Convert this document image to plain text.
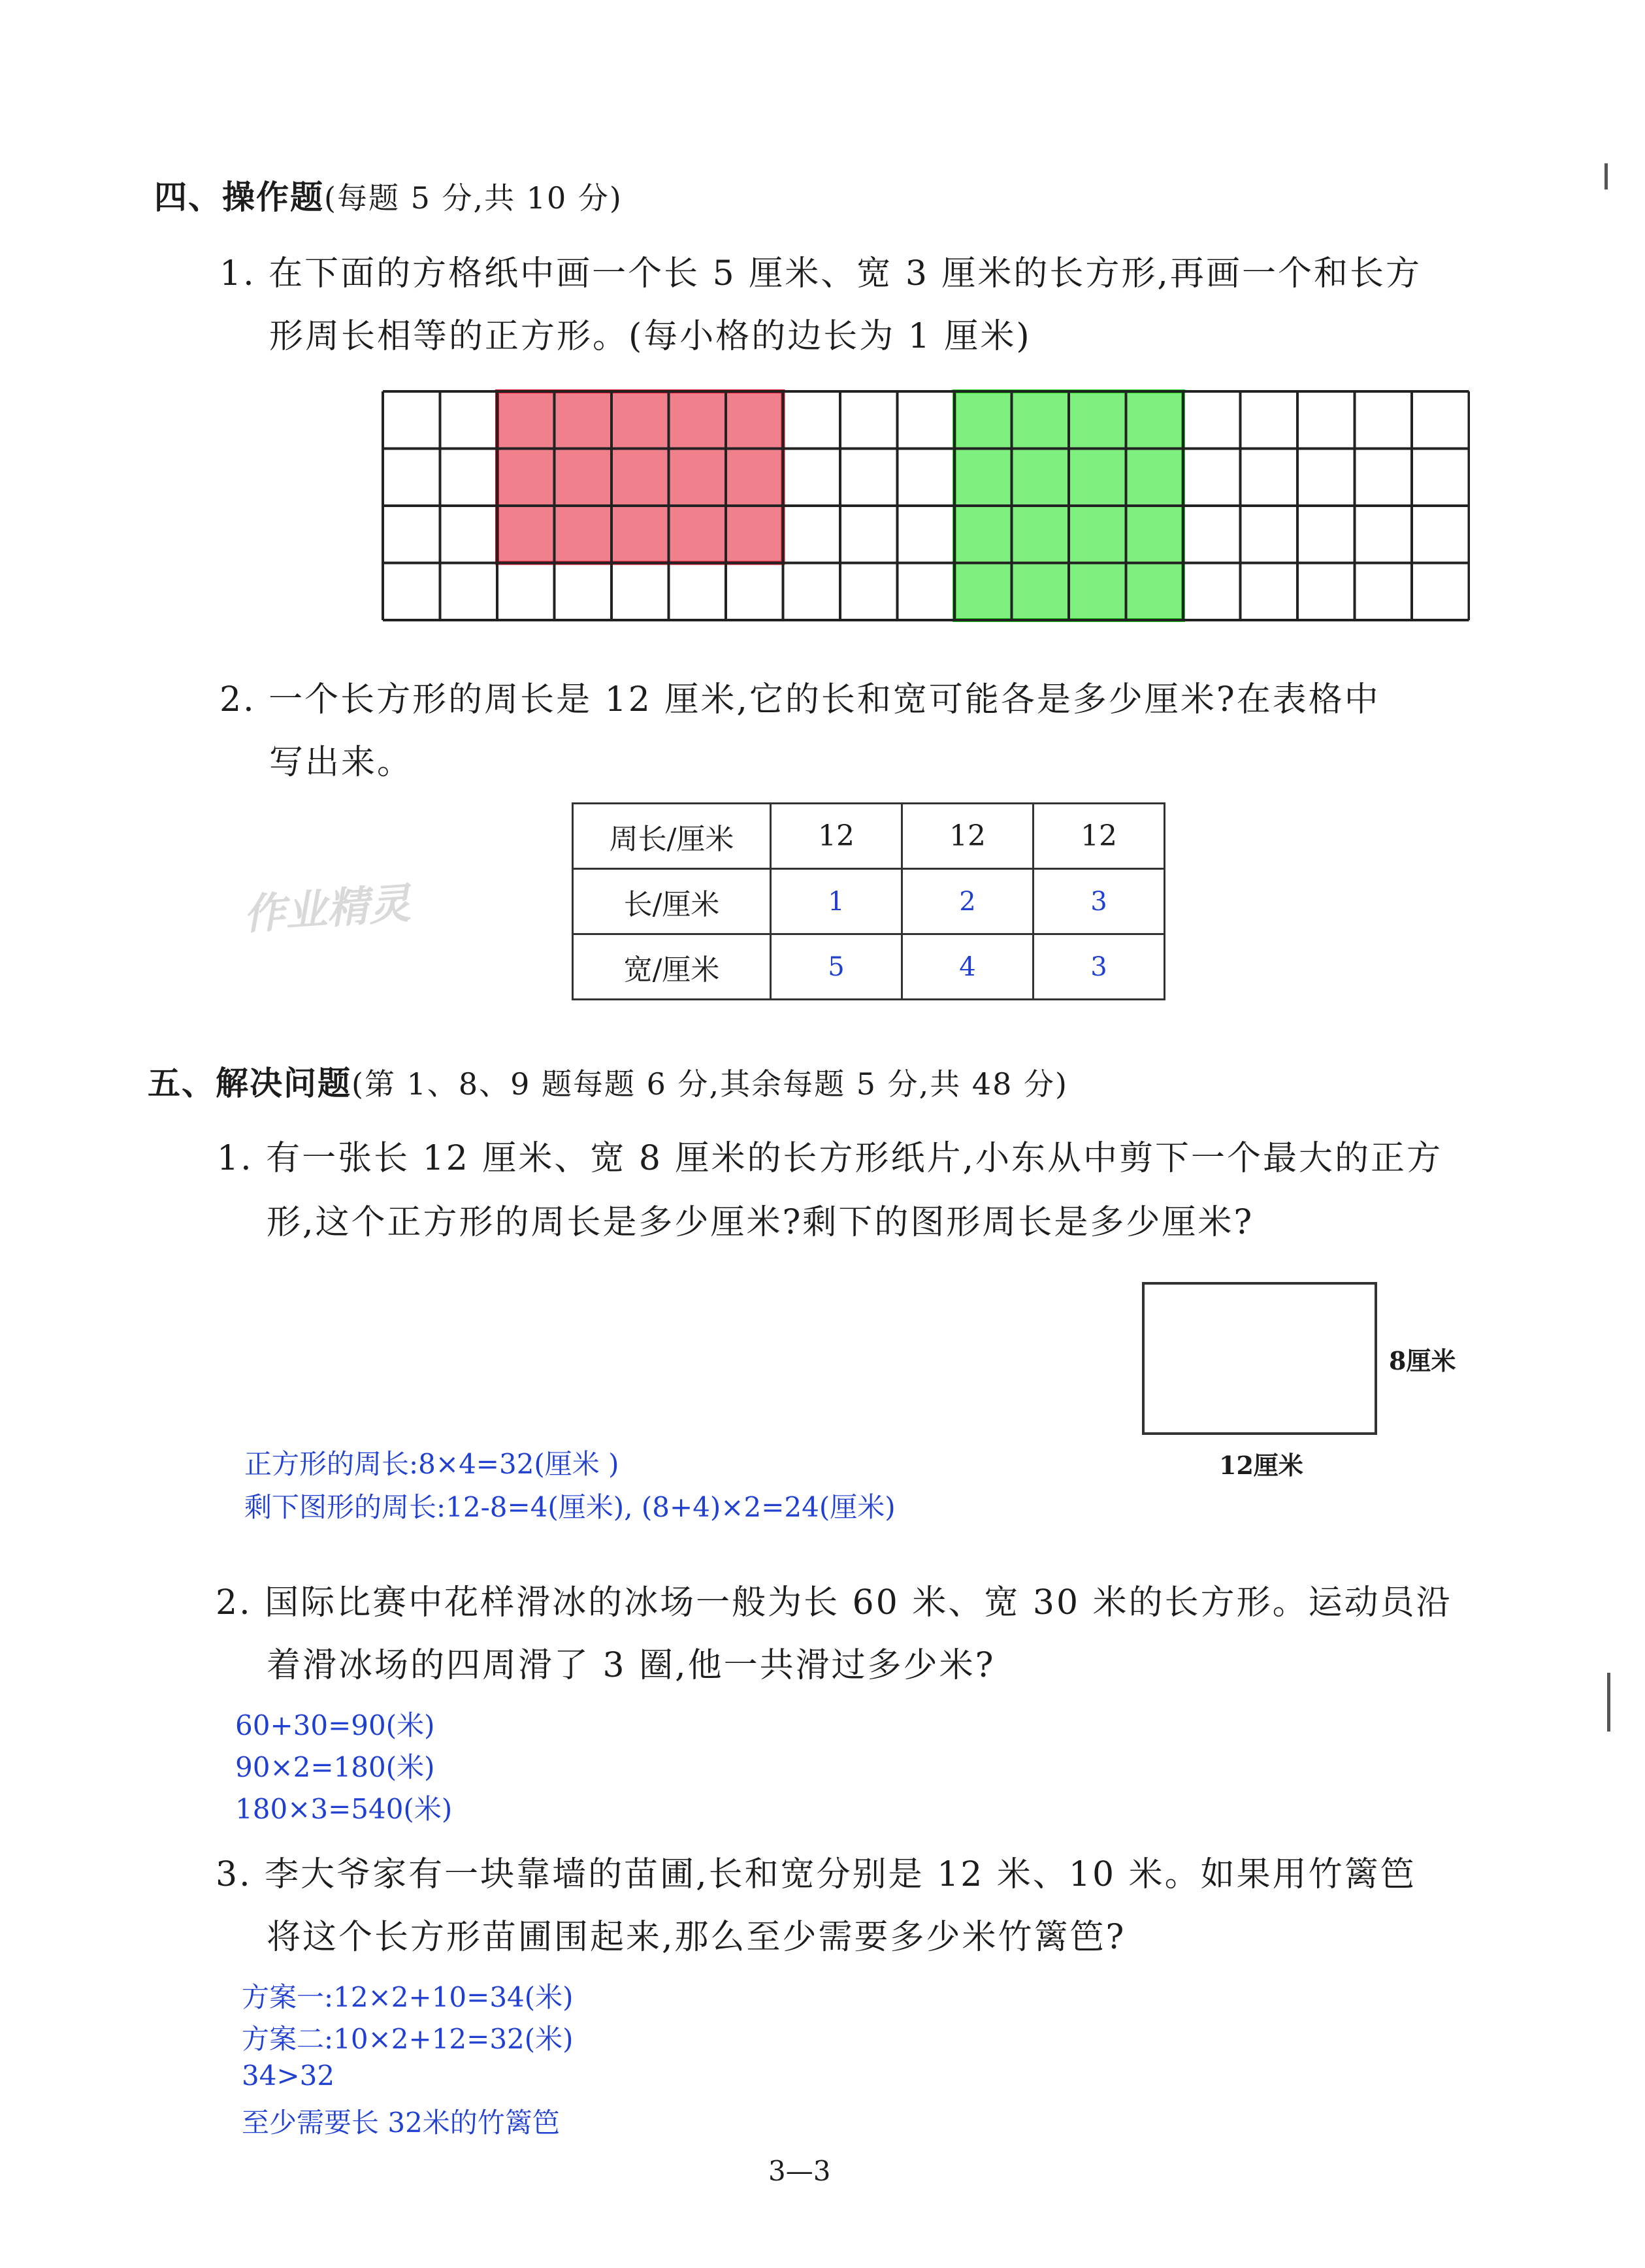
四、操作题(每题 5 分,共 10 分)
1. 在下面的方格纸中画一个长 5 厘米、宽 3 厘米的长方形,再画一个和长方
形周长相等的正方形。(每小格的边长为 1 厘米)
2. 一个长方形的周长是 12 厘米,它的长和宽可能各是多少厘米?在表格中
写出来。
周长/厘米	12	12	12
长/厘米	1	2	3
宽/厘米	5	4	3
作业精灵
五、解决问题(第 1、8、9 题每题 6 分,其余每题 5 分,共 48 分)
1. 有一张长 12 厘米、宽 8 厘米的长方形纸片,小东从中剪下一个最大的正方
形,这个正方形的周长是多少厘米?剩下的图形周长是多少厘米?
8厘米
12厘米
正方形的周长:8×4=32(厘米 )
剩下图形的周长:12-8=4(厘米), (8+4)×2=24(厘米)
2. 国际比赛中花样滑冰的冰场一般为长 60 米、宽 30 米的长方形。运动员沿
着滑冰场的四周滑了 3 圈,他一共滑过多少米?
60+30=90(米)
90×2=180(米)
180×3=540(米)
3. 李大爷家有一块靠墙的苗圃,长和宽分别是 12 米、10 米。如果用竹篱笆
将这个长方形苗圃围起来,那么至少需要多少米竹篱笆?
方案一:12×2+10=34(米)
方案二:10×2+12=32(米)
34>32
至少需要长 32米的竹篱笆
3—3
